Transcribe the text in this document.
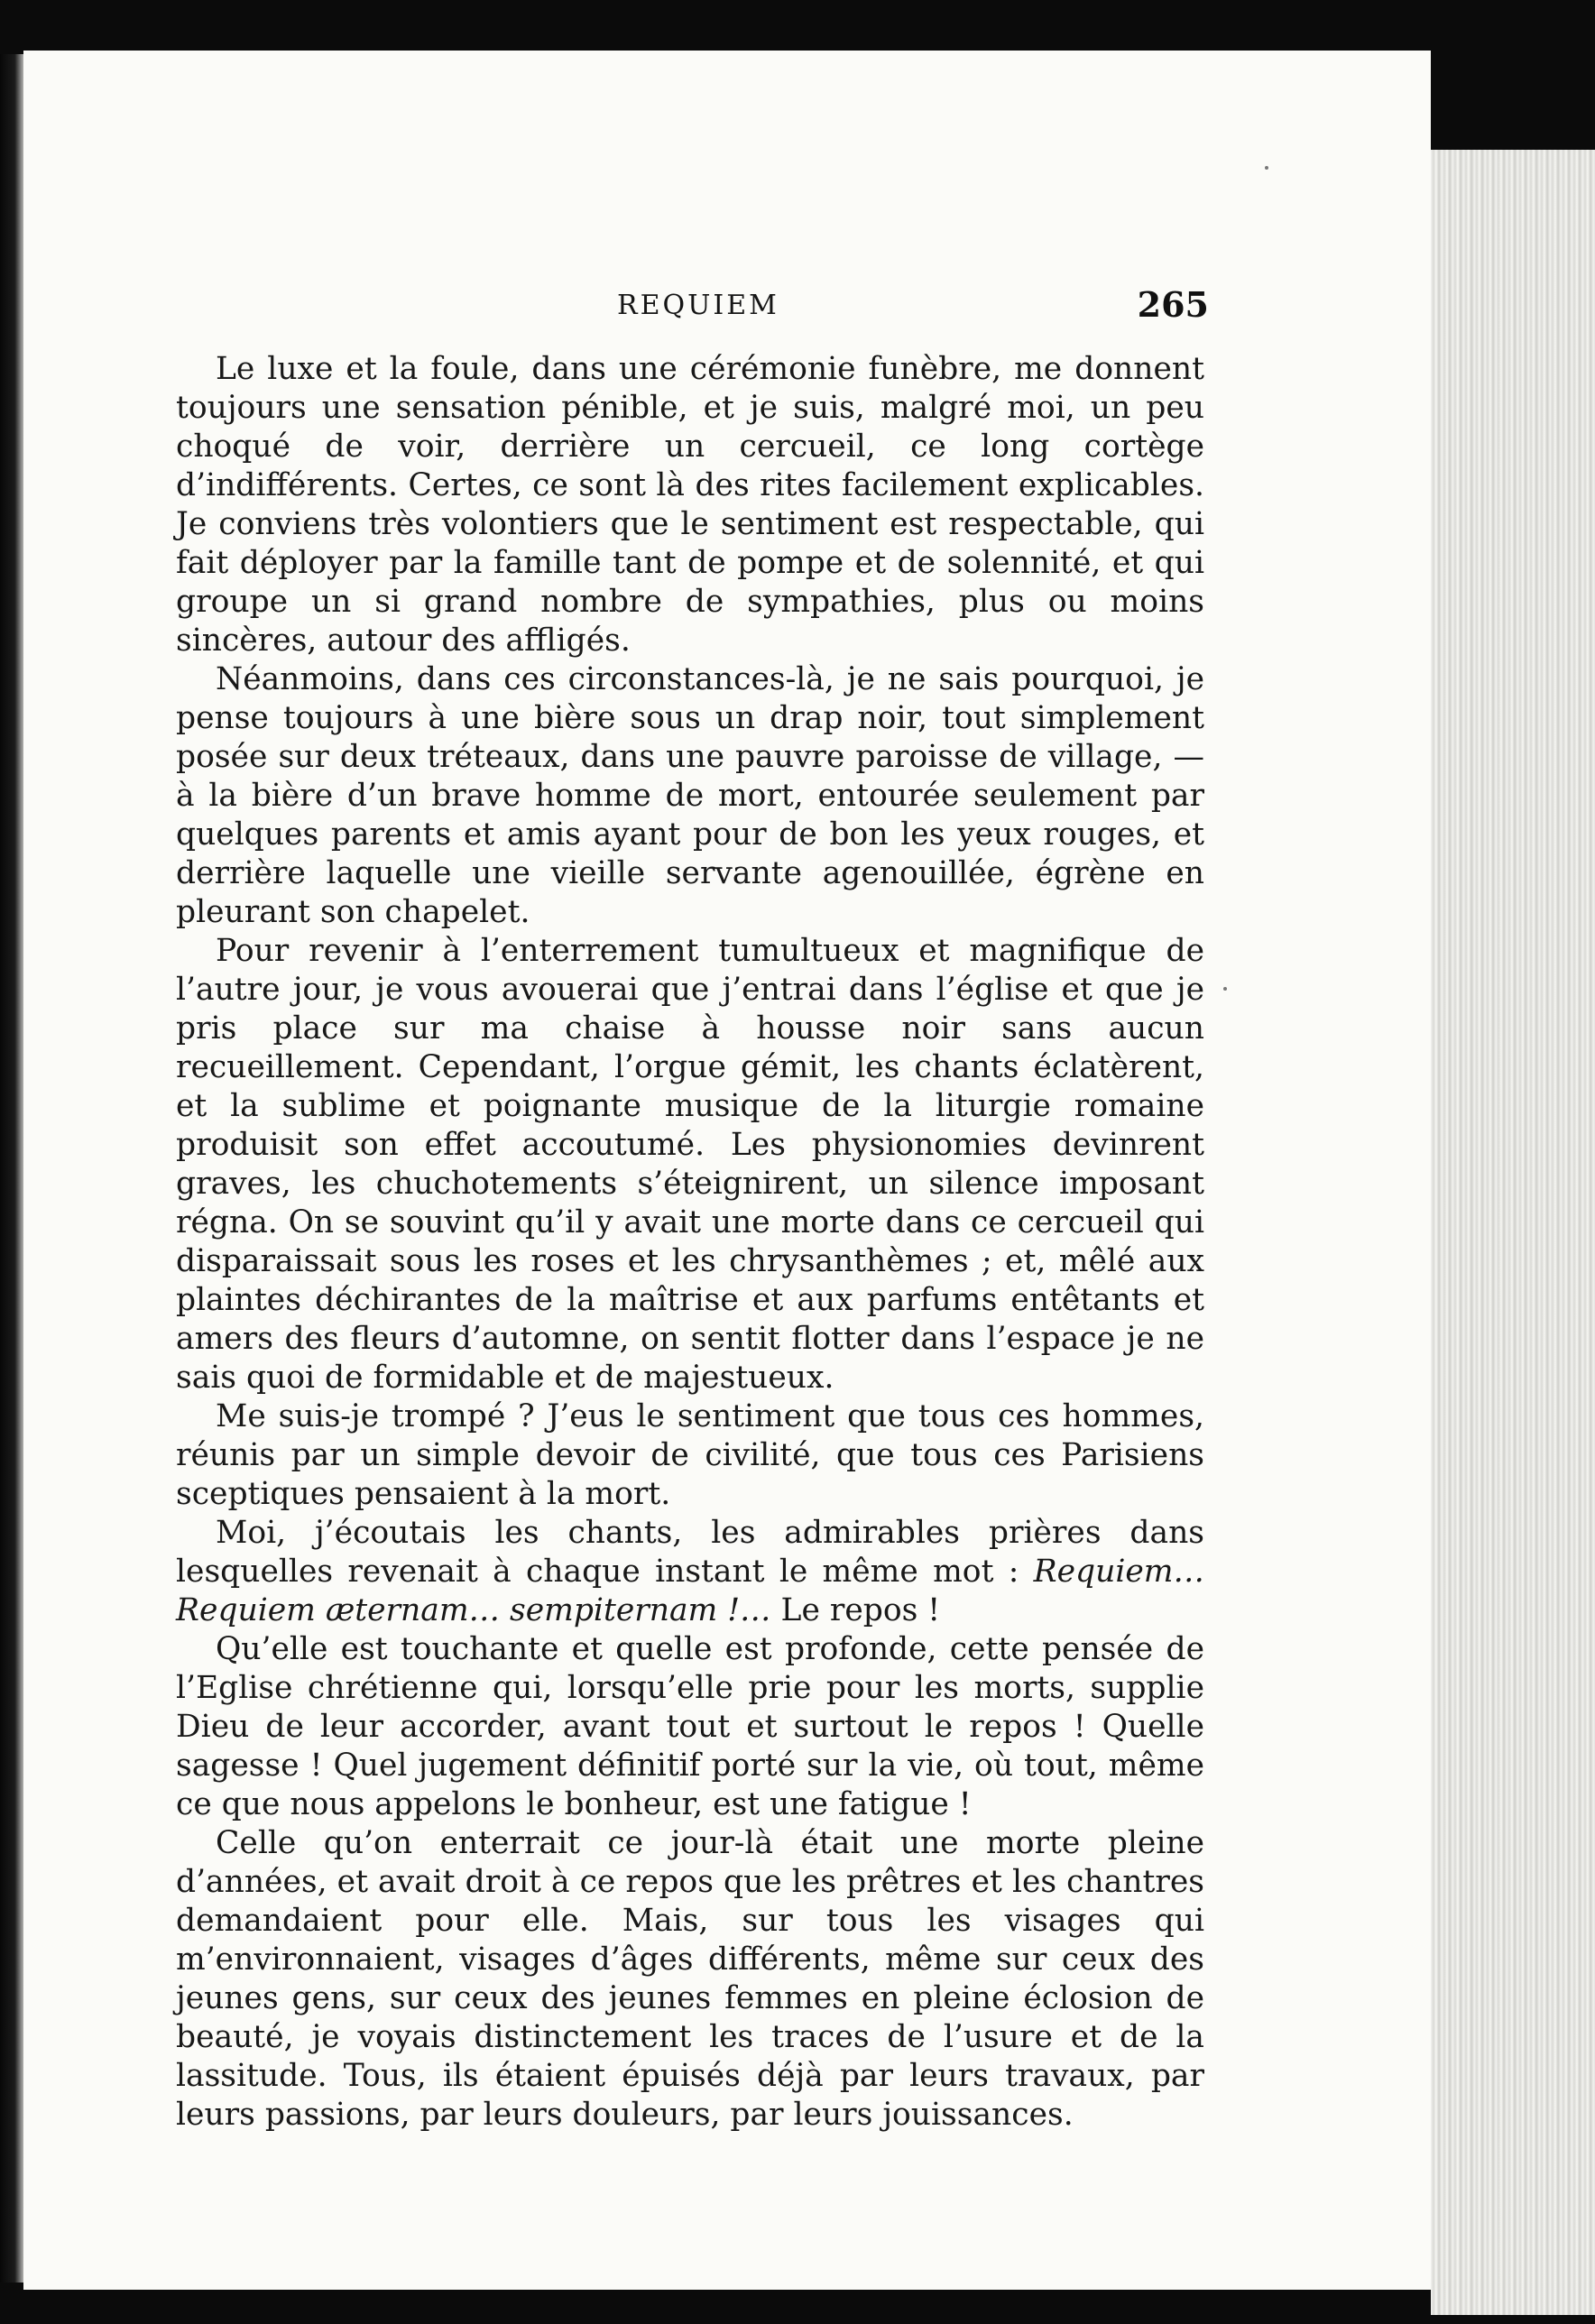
REQUIEM	265

Le luxe et la foule, dans une cérémonie funèbre, me donnent toujours une sensation pénible, et je suis, malgré moi, un peu choqué de voir, derrière un cercueil, ce long cortège d’indifférents. Certes, ce sont là des rites facilement explicables. Je conviens très volontiers que le sentiment est respectable, qui fait déployer par la famille tant de pompe et de solennité, et qui groupe un si grand nombre de sympathies, plus ou moins sincères, autour des affligés.

Néanmoins, dans ces circonstances-là, je ne sais pourquoi, je pense toujours à une bière sous un drap noir, tout simplement posée sur deux tréteaux, dans une pauvre paroisse de village, — à la bière d’un brave homme de mort, entourée seulement par quelques parents et amis ayant pour de bon les yeux rouges, et derrière laquelle une vieille servante agenouillée, égrène en pleurant son chapelet.

Pour revenir à l’enterrement tumultueux et magnifique de l’autre jour, je vous avouerai que j’entrai dans l’église et que je pris place sur ma chaise à housse noir sans aucun recueillement. Cependant, l’orgue gémit, les chants éclatèrent, et la sublime et poignante musique de la liturgie romaine produisit son effet accoutumé. Les physionomies devinrent graves, les chuchotements s’éteignirent, un silence imposant régna. On se souvint qu’il y avait une morte dans ce cercueil qui disparaissait sous les roses et les chrysanthèmes ; et, mêlé aux plaintes déchirantes de la maîtrise et aux parfums entêtants et amers des fleurs d’automne, on sentit flotter dans l’espace je ne sais quoi de formidable et de majestueux.

Me suis-je trompé ? J’eus le sentiment que tous ces hommes, réunis par un simple devoir de civilité, que tous ces Parisiens sceptiques pensaient à la mort.

Moi, j’écoutais les chants, les admirables prières dans lesquelles revenait à chaque instant le même mot : Requiem… Requiem æternam… sempiternam !… Le repos !

Qu’elle est touchante et quelle est profonde, cette pensée de l’Eglise chrétienne qui, lorsqu’elle prie pour les morts, supplie Dieu de leur accorder, avant tout et surtout le repos ! Quelle sagesse ! Quel jugement définitif porté sur la vie, où tout, même ce que nous appelons le bonheur, est une fatigue !

Celle qu’on enterrait ce jour-là était une morte pleine d’années, et avait droit à ce repos que les prêtres et les chantres demandaient pour elle. Mais, sur tous les visages qui m’environnaient, visages d’âges différents, même sur ceux des jeunes gens, sur ceux des jeunes femmes en pleine éclosion de beauté, je voyais distinctement les traces de l’usure et de la lassitude. Tous, ils étaient épuisés déjà par leurs travaux, par leurs passions, par leurs douleurs, par leurs jouissances.
